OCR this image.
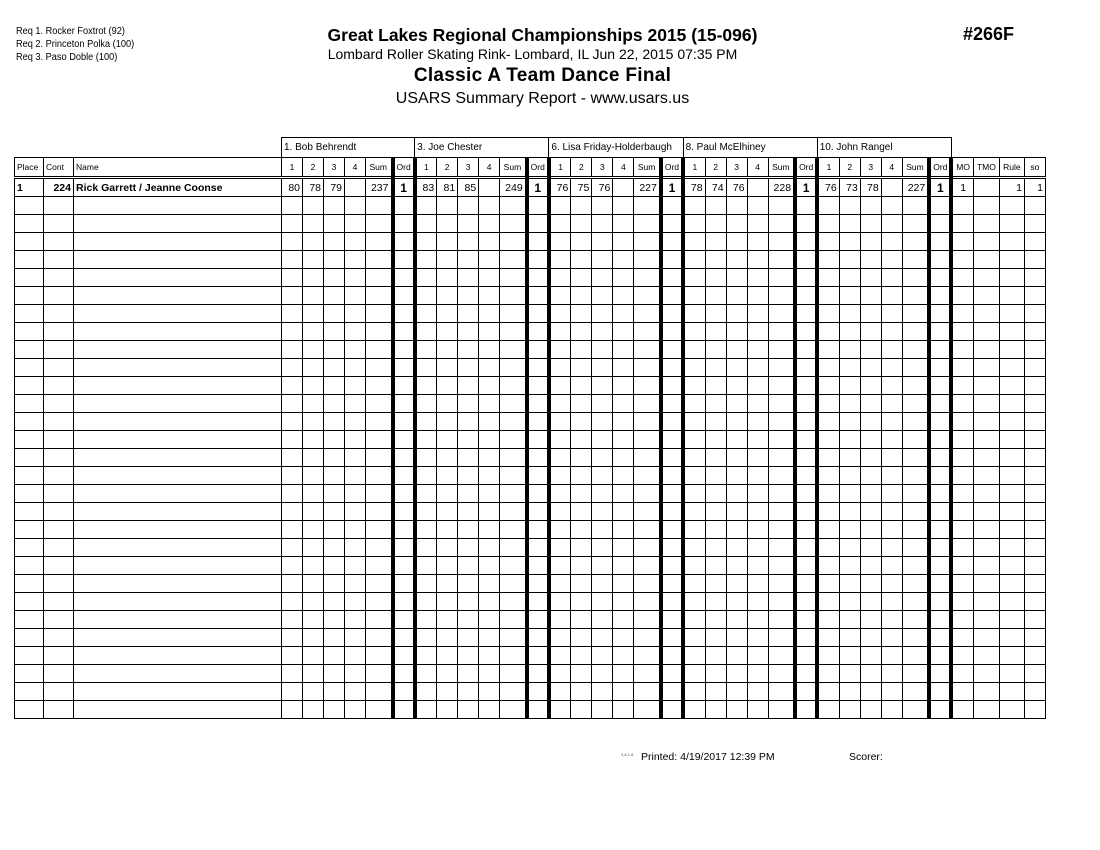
Req 1. Rocker Foxtrot (92)
Req 2. Princeton Polka (100)
Req 3. Paso Doble (100)
Great Lakes Regional Championships 2015 (15-096)
Lombard Roller Skating Rink- Lombard, IL Jun 22, 2015 07:35 PM
Classic A Team Dance Final
USARS Summary Report - www.usars.us
#266F
			1. Bob Behrendt						3. Joe Chester						6. Lisa Friday-Holderbaugh						8. Paul McElhiney						10. John Rangel									
Place	Cont	Name	1	2	3	4	Sum	Ord	1	2	3	4	Sum	Ord	1	2	3	4	Sum	Ord	1	2	3	4	Sum	Ord	1	2	3	4	Sum	Ord	MO	TMO	Rule	so
1	224	Rick Garrett / Jeanne Coonse	80	78	79		237	1	83	81	85		249	1	76	75	76		227	1	78	74	76		228	1	76	73	78		227	1	1		1	1

3.8.1.8 Printed: 4/19/2017 12:39 PM	Scorer:
